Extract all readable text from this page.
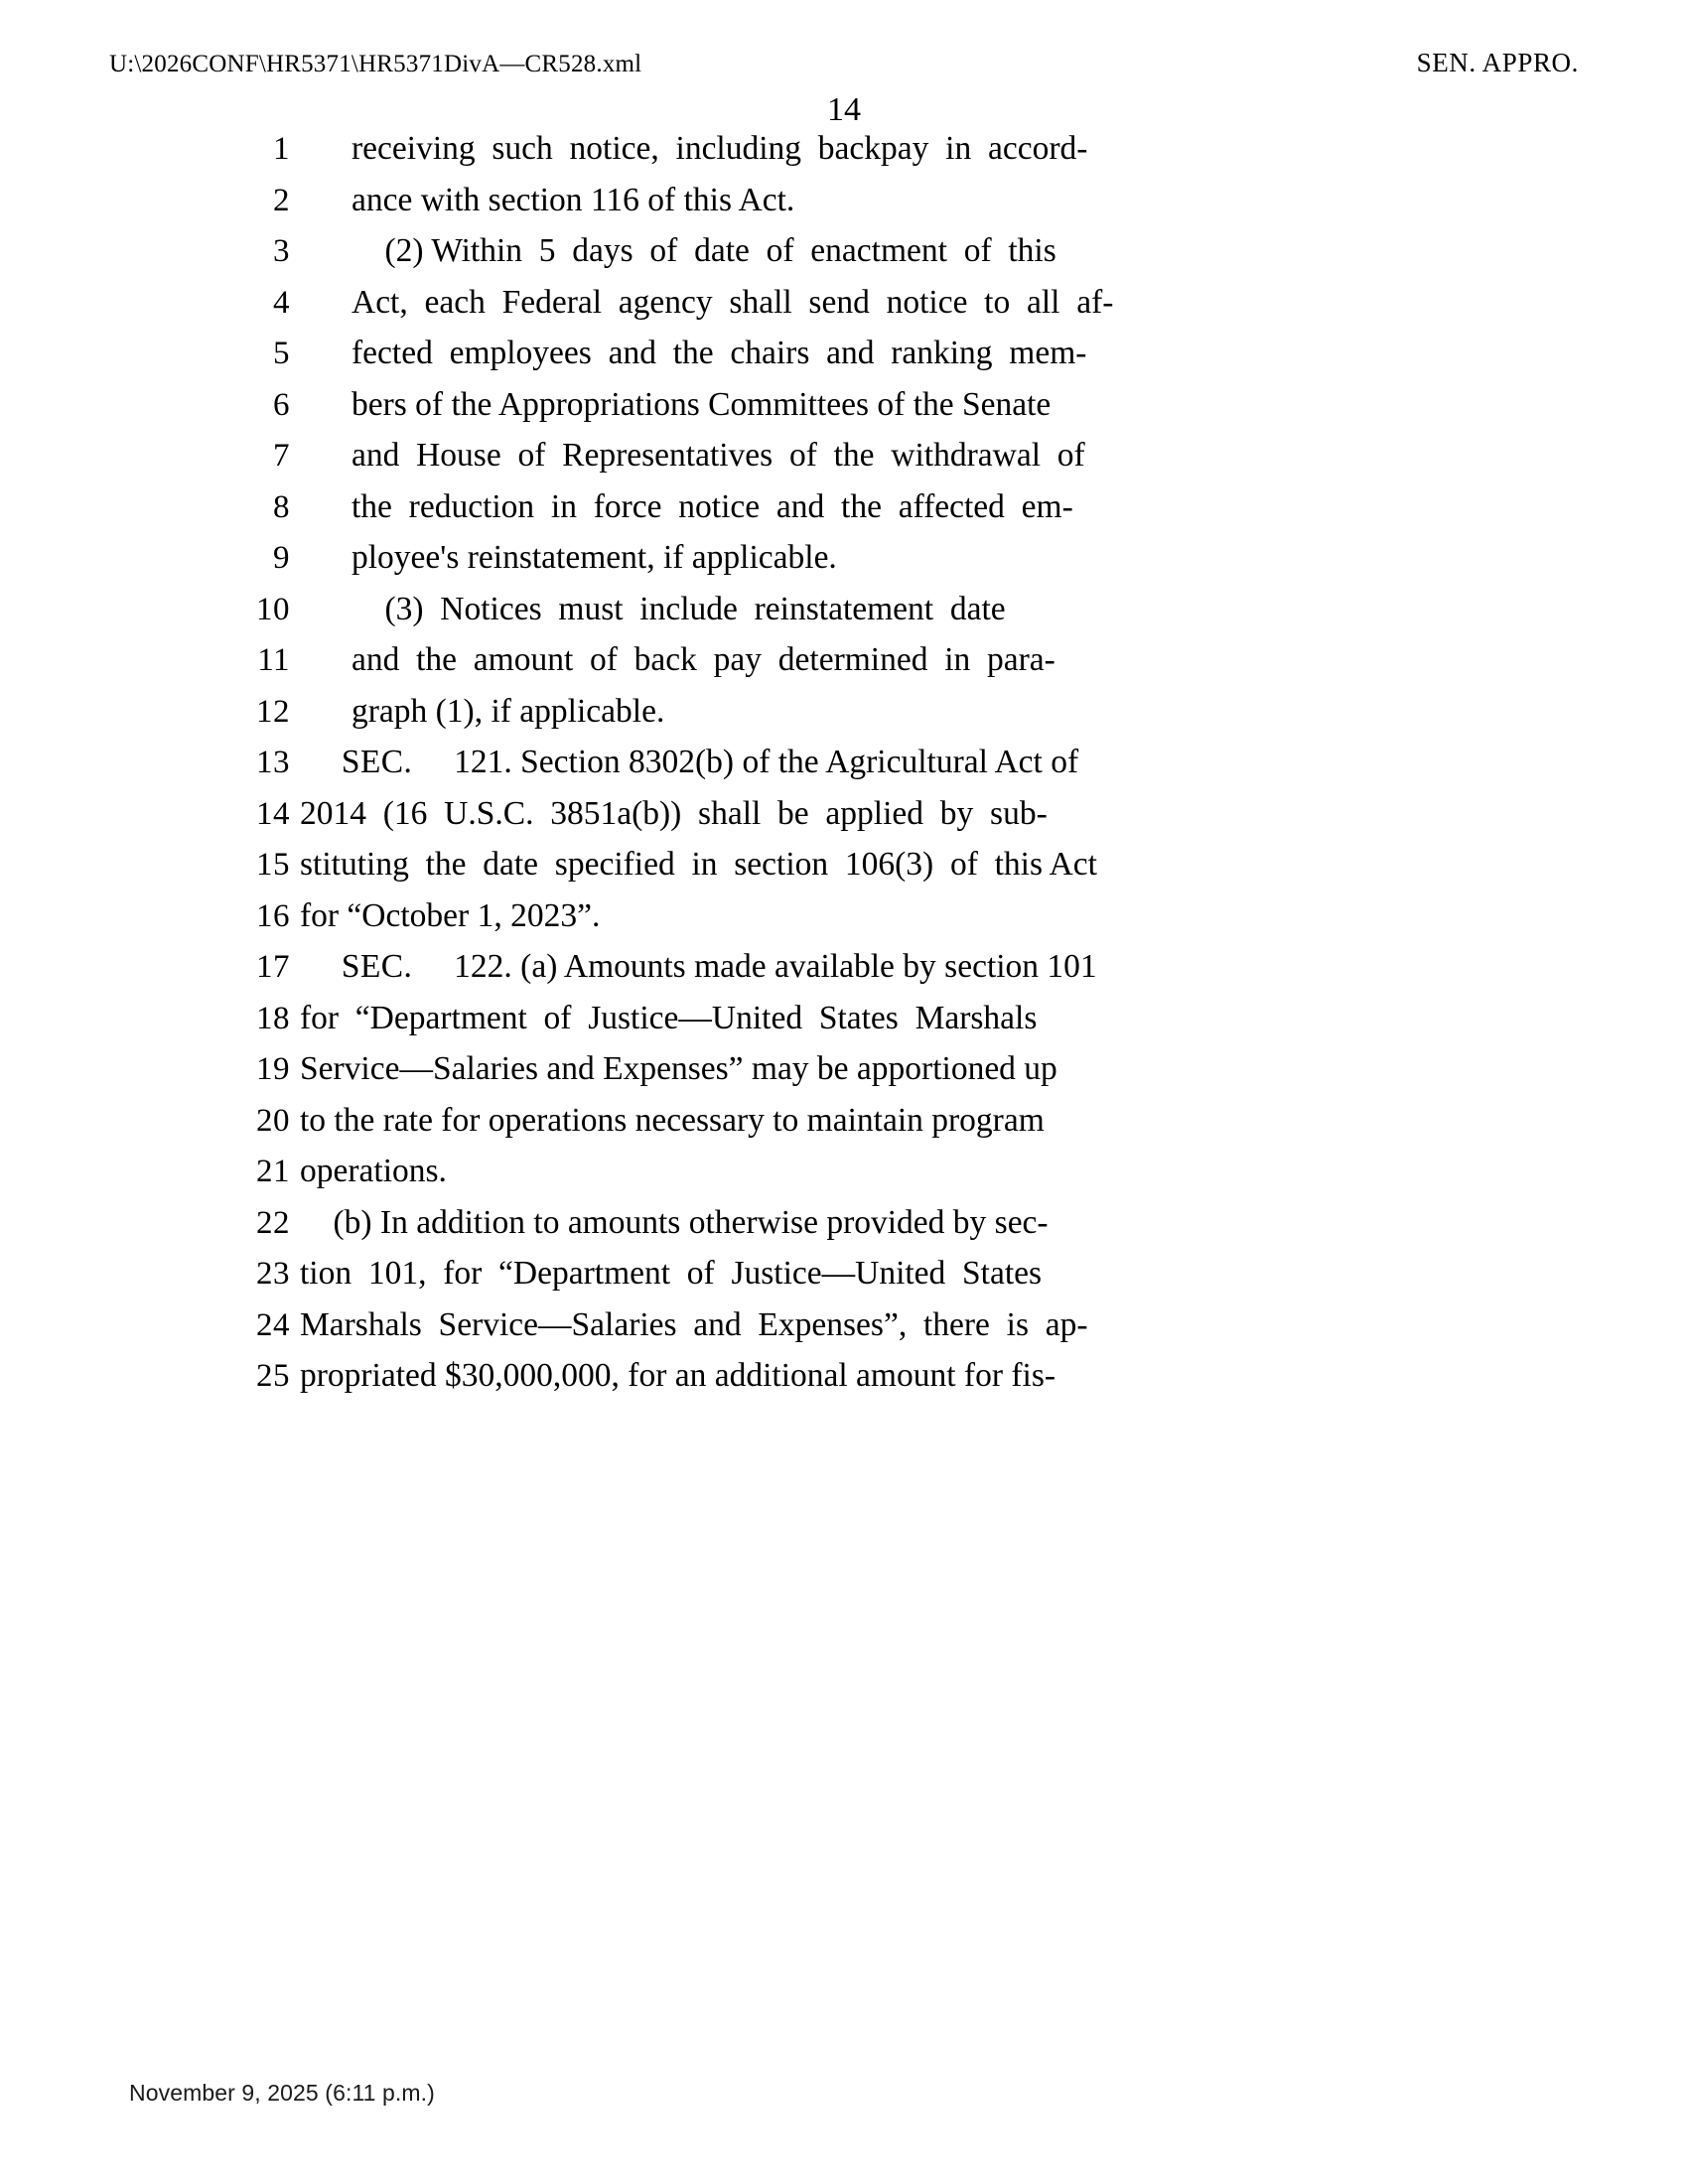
U:\2026CONF\HR5371\HR5371DivA—CR528.xml	SEN. APPRO.
14
1	receiving  such  notice,  including  backpay  in  accord-
2	ance with section 116 of this Act.
3	(2) Within  5  days  of  date  of  enactment  of  this
4	Act,  each  Federal  agency  shall  send  notice  to  all  af-
5	fected  employees  and  the  chairs  and  ranking  mem-
6	bers of the Appropriations Committees of the Senate
7	and  House  of  Representatives  of  the  withdrawal  of
8	the  reduction  in  force  notice  and  the  affected  em-
9	ployee's reinstatement, if applicable.
10	(3)  Notices  must  include  reinstatement  date
11	and  the  amount  of  back  pay  determined  in  para-
12	graph (1), if applicable.
13	SEC.     121. Section 8302(b) of the Agricultural Act of
14 2014  (16  U.S.C.  3851a(b))  shall  be  applied  by  sub-
15 stituting  the  date  specified  in  section  106(3)  of  this Act
16 for “October 1, 2023”.
17	SEC.     122. (a) Amounts made available by section 101
18 for  “Department  of  Justice—United  States  Marshals
19 Service—Salaries and Expenses” may be apportioned up
20 to the rate for operations necessary to maintain program
21 operations.
22 (b) In addition to amounts otherwise provided by sec-
23 tion  101,  for  “Department  of  Justice—United  States
24 Marshals  Service—Salaries  and  Expenses”,  there  is  ap-
25 propriated $30,000,000, for an additional amount for fis-
November 9, 2025 (6:11 p.m.)
